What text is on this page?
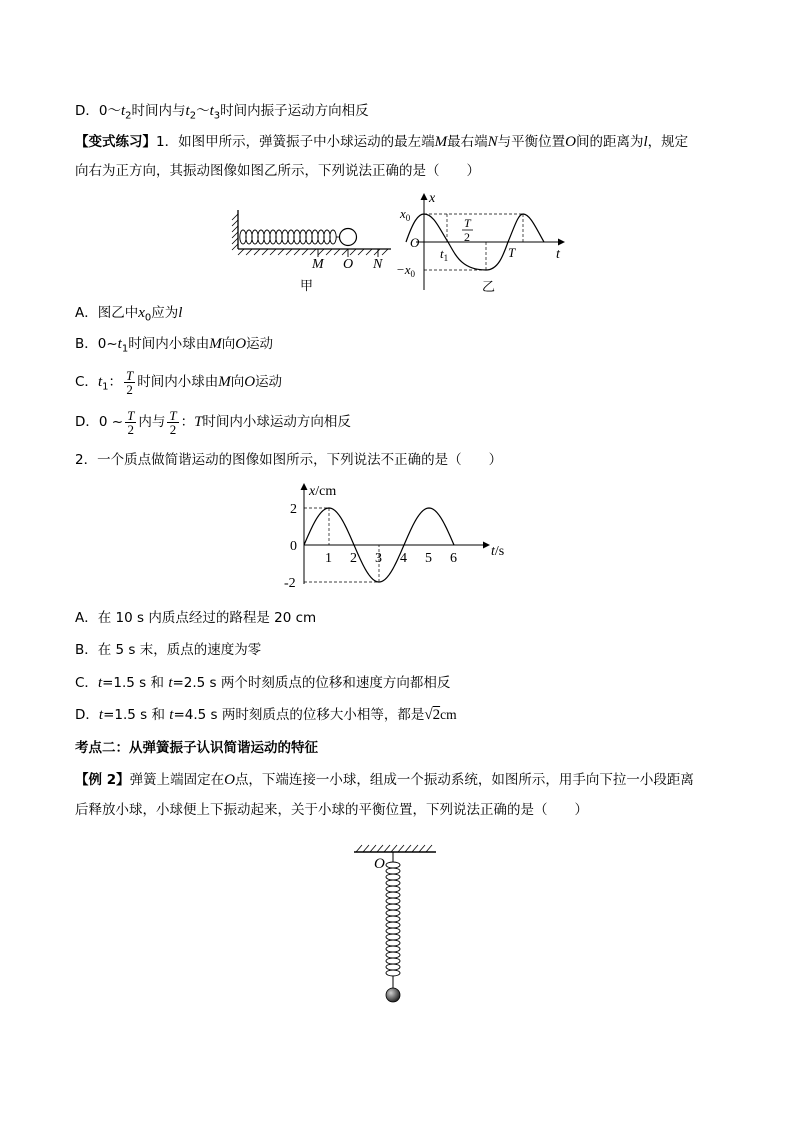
D．$0\sim t_2$时间内与$t_2\sim t_3$时间内振子运动方向相反
【变式练习】1．如图甲所示，弹簧振子中小球运动的最左端M最右端N与平衡位置O间的距离为l，规定
向右为正方向，其振动图像如图乙所示，下列说法正确的是（　　）
M O N
甲
x
t
O
$x_0$
$-x_0$
$t_1$
T
2
T
乙
A．图乙中$x_0$应为l
B．$0\sim t_1$时间内小球由M向O运动
C．$t_1$： $\frac{T}{2}$ 时间内小球由M向O运动
D．0 ~ $\frac{T}{2}$ 内与 $\frac{T}{2}$ ：T时间内小球运动方向相反
2．一个质点做简谐运动的图像如图所示，下列说法不正确的是（　　）
x/cm
t/s
2
0
-2
1 2 3 4 5 6
A．在 10 s 内质点经过的路程是 20 cm
B．在 5 s 末，质点的速度为零
C．t=1.5 s 和 t=2.5 s 两个时刻质点的位移和速度方向都相反
D．t=1.5 s 和 t=4.5 s 两时刻质点的位移大小相等，都是√2cm
考点二：从弹簧振子认识简谐运动的特征
【例 2】弹簧上端固定在O点，下端连接一小球，组成一个振动系统，如图所示，用手向下拉一小段距离
后释放小球，小球便上下振动起来，关于小球的平衡位置，下列说法正确的是（　　）
O
